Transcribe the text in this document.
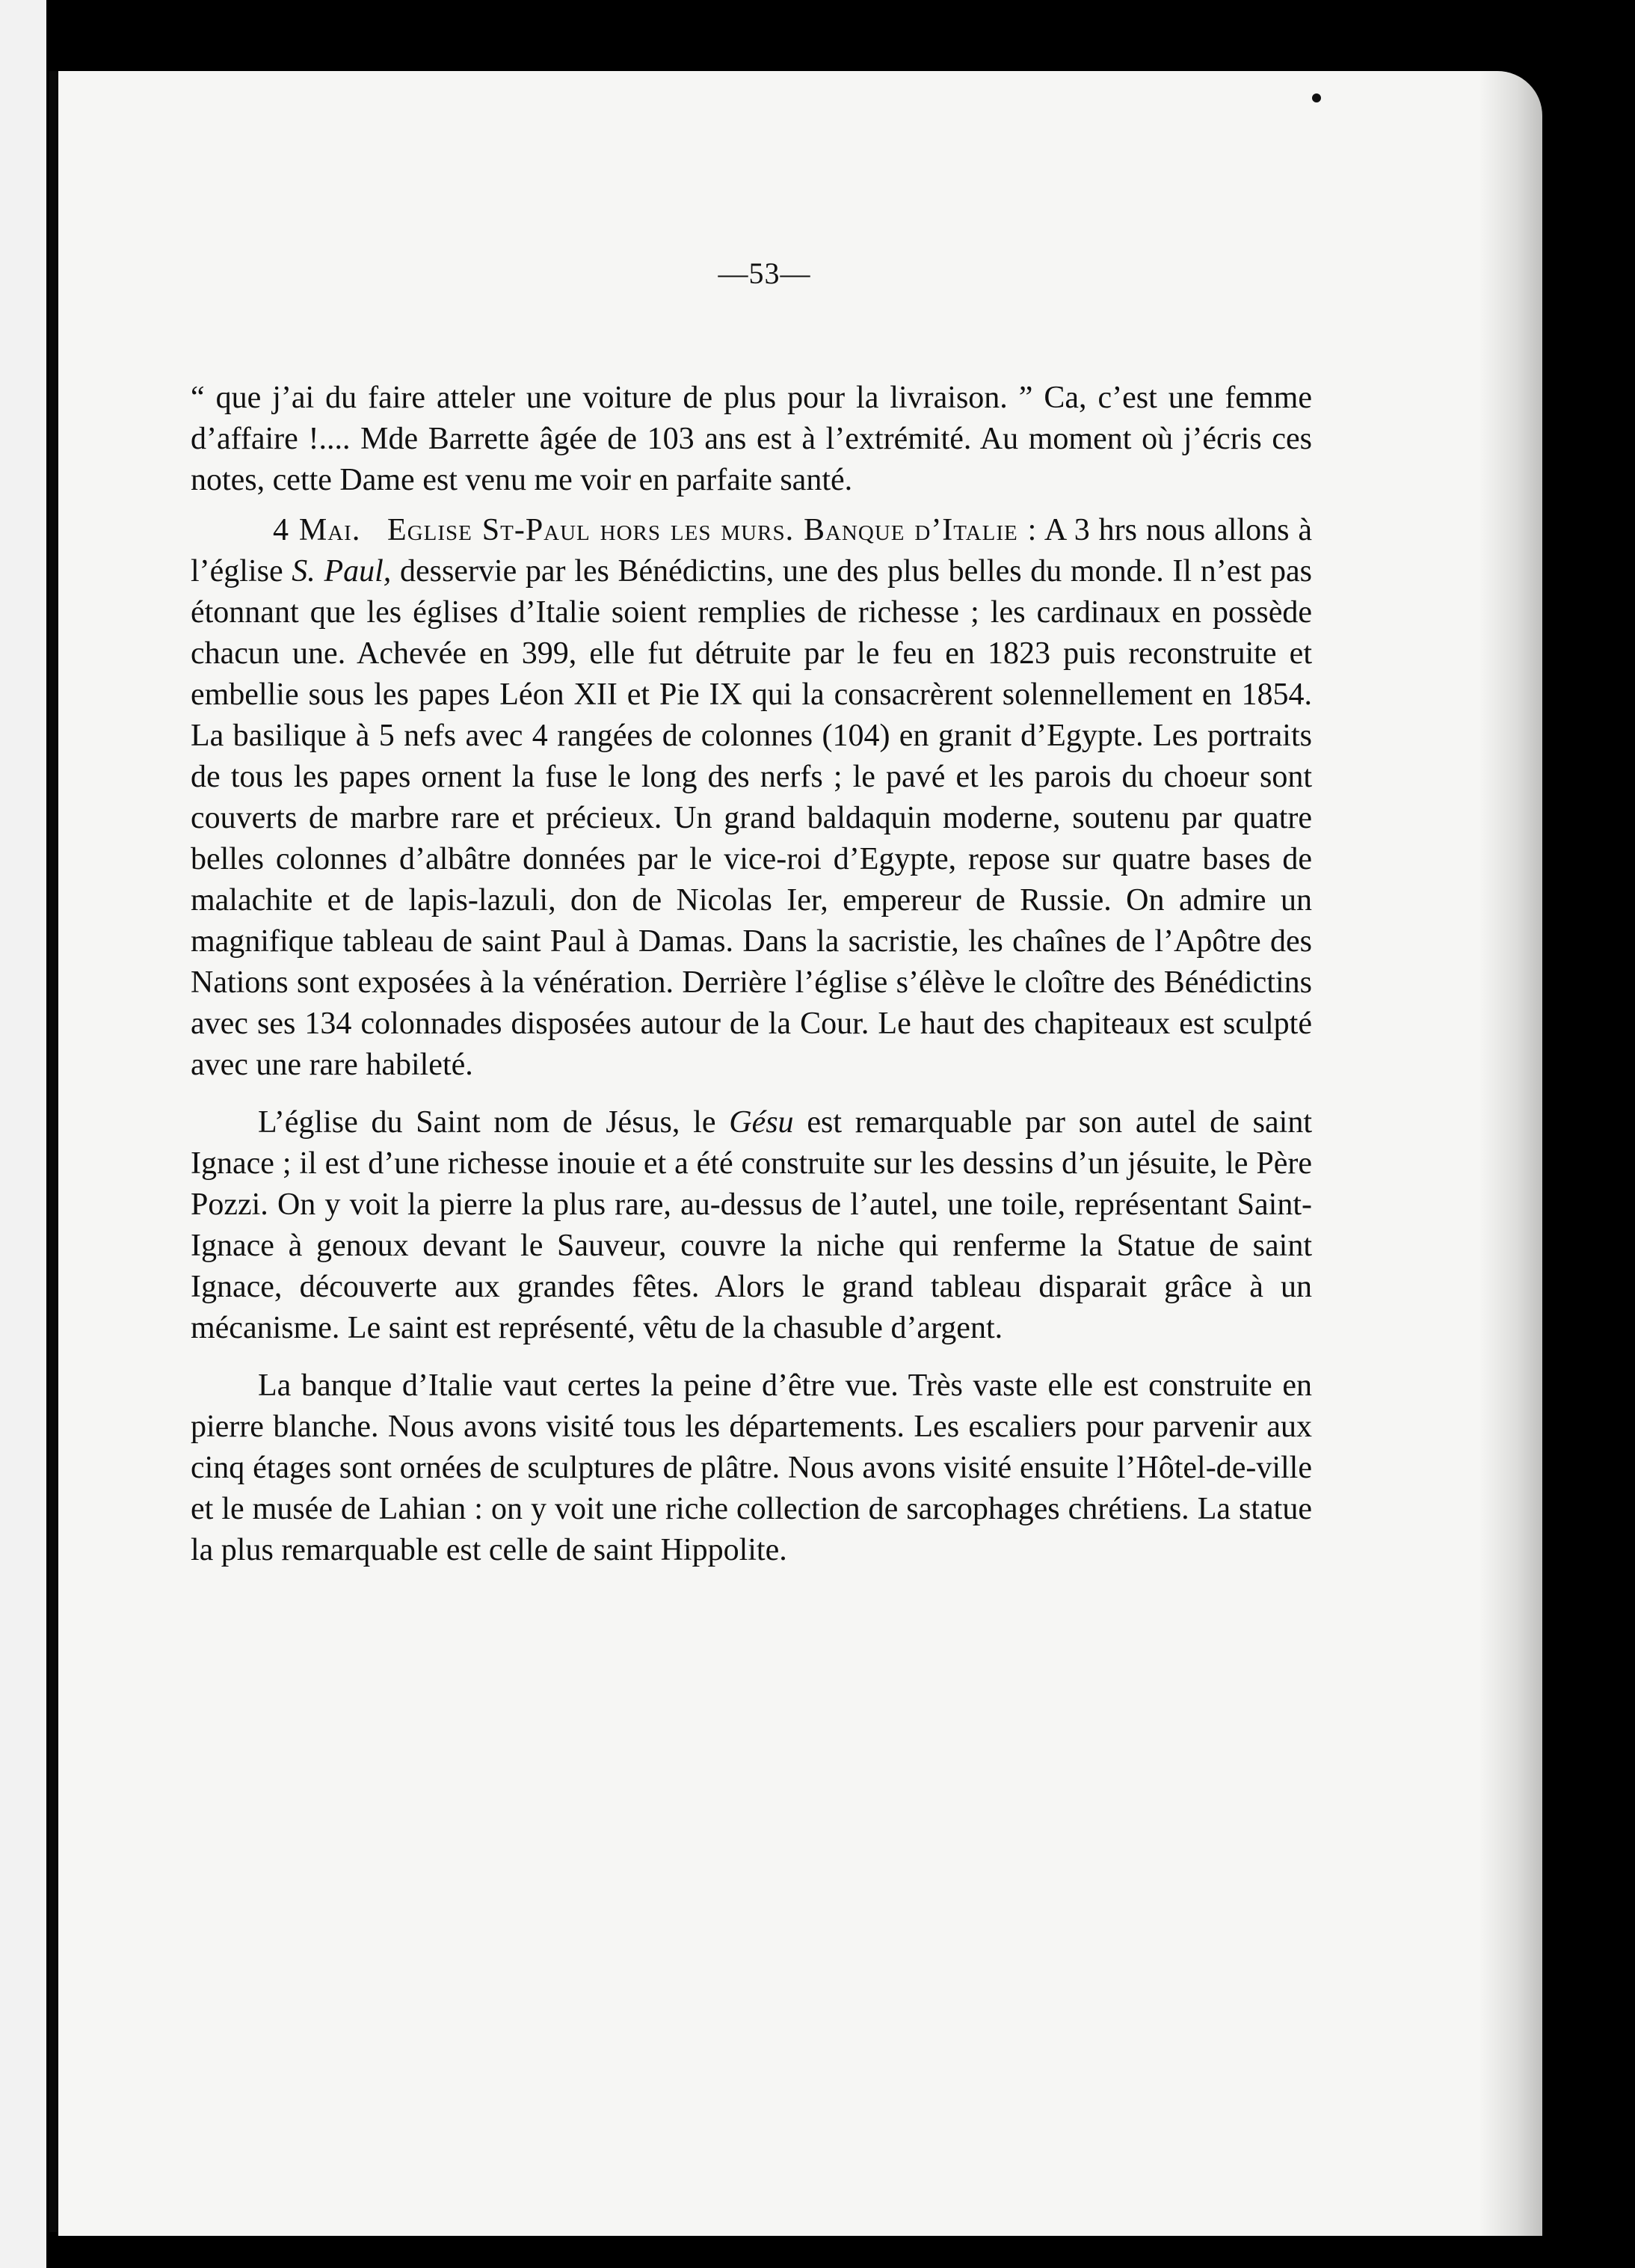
—53—

“ que j’ai du faire atteler une voiture de plus pour la livraison. ” Ca, c’est une femme d’affaire !.... Mde Barrette âgée de 103 ans est à l’extrémité. Au moment où j’écris ces notes, cette Dame est venu me voir en parfaite santé.

4 Mai. Eglise St-Paul hors les murs. Banque d’Italie : A 3 hrs nous allons à l’église S. Paul, desservie par les Bénédictins, une des plus belles du monde. Il n’est pas étonnant que les églises d’Italie soient remplies de richesse ; les cardinaux en possède chacun une. Achevée en 399, elle fut détruite par le feu en 1823 puis reconstruite et embellie sous les papes Léon XII et Pie IX qui la consacrèrent solennellement en 1854. La basilique à 5 nefs avec 4 rangées de colonnes (104) en granit d’Egypte. Les portraits de tous les papes ornent la fuse le long des nerfs ; le pavé et les parois du choeur sont couverts de marbre rare et précieux. Un grand baldaquin moderne, soutenu par quatre belles colonnes d’albâtre données par le vice-roi d’Egypte, repose sur quatre bases de malachite et de lapis-lazuli, don de Nicolas Ier, empereur de Russie. On admire un magnifique tableau de saint Paul à Damas. Dans la sacristie, les chaînes de l’Apôtre des Nations sont exposées à la vénération. Derrière l’église s’élève le cloître des Bénédictins avec ses 134 colonnades disposées autour de la Cour. Le haut des chapiteaux est sculpté avec une rare habileté.

L’église du Saint nom de Jésus, le Gésu est remarquable par son autel de saint Ignace ; il est d’une richesse inouie et a été construite sur les dessins d’un jésuite, le Père Pozzi. On y voit la pierre la plus rare, au-dessus de l’autel, une toile, représentant Saint-Ignace à genoux devant le Sauveur, couvre la niche qui renferme la Statue de saint Ignace, découverte aux grandes fêtes. Alors le grand tableau disparait grâce à un mécanisme. Le saint est représenté, vêtu de la chasuble d’argent.

La banque d’Italie vaut certes la peine d’être vue. Très vaste elle est construite en pierre blanche. Nous avons visité tous les départements. Les escaliers pour parvenir aux cinq étages sont ornées de sculptures de plâtre. Nous avons visité ensuite l’Hôtel-de-ville et le musée de Lahian : on y voit une riche collection de sarcophages chrétiens. La statue la plus remarquable est celle de saint Hippolite.
